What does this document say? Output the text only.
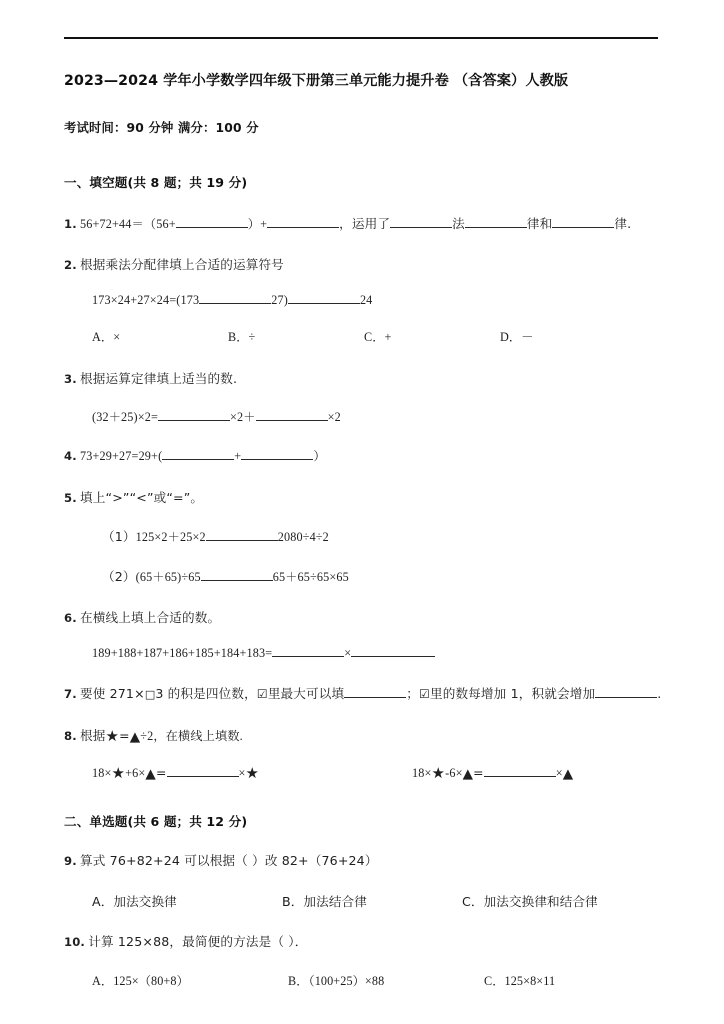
2023—2024 学年小学数学四年级下册第三单元能力提升卷 （含答案）人教版
考试时间：90 分钟 满分：100 分
一、填空题(共 8 题；共 19 分)
1. 56+72+44＝（56+	）+	，运用了	法	律和	律.
2. 根据乘法分配律填上合适的运算符号
173×24+27×24=(173	27)	24
A．×	B．÷	C．+	D．－
3. 根据运算定律填上适当的数.
(32＋25)×2=	×2＋	×2
4. 73+29+27=29+(	+	）
5. 填上“>”“<”或“=”。
（1）125×2＋25×2	2080÷4÷2
（2）(65＋65)÷65	65＋65÷65×65
6. 在横线上填上合适的数。
189+188+187+186+185+184+183=	×
7. 要使 271×□3 的积是四位数，☑里最大可以填	；☑里的数每增加 1，积就会增加	.
8. 根据★=▲÷2，在横线上填数.
18×★+6×▲=	×★	18×★-6×▲=	×▲
二、单选题(共 6 题；共 12 分)
9. 算式 76+82+24 可以根据（ ）改 82+（76+24）
A．加法交换律	B．加法结合律	C．加法交换律和结合律
10. 计算 125×88，最简便的方法是（ ）．
A．125×（80+8）	B．（100+25）×88	C．125×8×11
